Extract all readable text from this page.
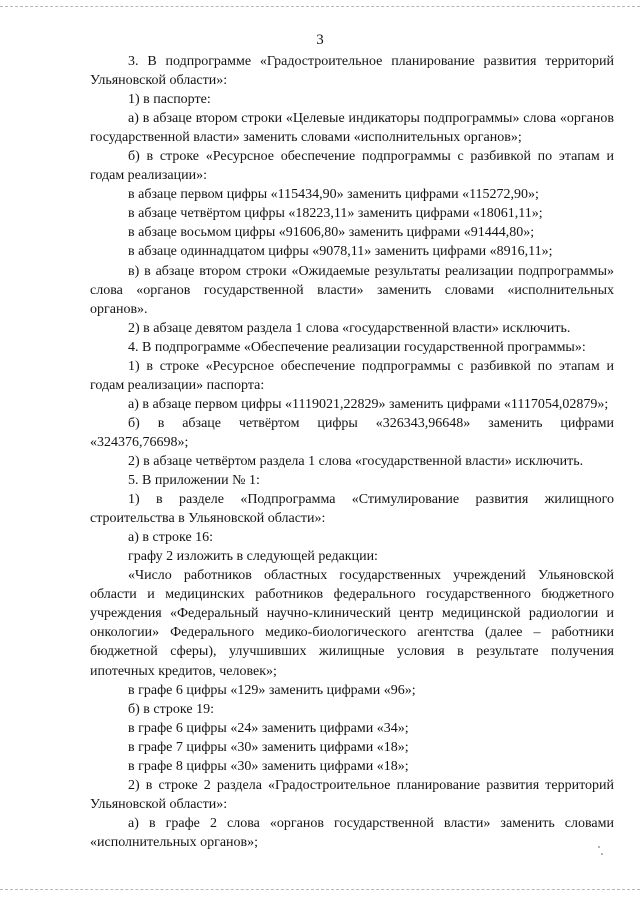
3

3. В подпрограмме «Градостроительное планирование развития территорий Ульяновской области»:

1) в паспорте:

а) в абзаце втором строки «Целевые индикаторы подпрограммы» слова «органов государственной власти» заменить словами «исполнительных органов»;

б) в строке «Ресурсное обеспечение подпрограммы с разбивкой по этапам и годам реализации»:

в абзаце первом цифры «115434,90» заменить цифрами «115272,90»;

в абзаце четвёртом цифры «18223,11» заменить цифрами «18061,11»;

в абзаце восьмом цифры «91606,80» заменить цифрами «91444,80»;

в абзаце одиннадцатом цифры «9078,11» заменить цифрами «8916,11»;

в) в абзаце втором строки «Ожидаемые результаты реализации подпрограммы» слова «органов государственной власти» заменить словами «исполнительных органов».

2) в абзаце девятом раздела 1 слова «государственной власти» исключить.

4. В подпрограмме «Обеспечение реализации государственной программы»:

1) в строке «Ресурсное обеспечение подпрограммы с разбивкой по этапам и годам реализации» паспорта:

а) в абзаце первом цифры «1119021,22829» заменить цифрами «1117054,02879»;

б) в абзаце четвёртом цифры «326343,96648» заменить цифрами «324376,76698»;

2) в абзаце четвёртом раздела 1 слова «государственной власти» исключить.

5. В приложении № 1:

1) в разделе «Подпрограмма «Стимулирование развития жилищного строительства в Ульяновской области»:

а) в строке 16:

графу 2 изложить в следующей редакции:

«Число работников областных государственных учреждений Ульяновской области и медицинских работников федерального государственного бюджетного учреждения «Федеральный научно-клинический центр медицинской радиологии и онкологии» Федерального медико-биологического агентства (далее – работники бюджетной сферы), улучшивших жилищные условия в результате получения ипотечных кредитов, человек»;

в графе 6 цифры «129» заменить цифрами «96»;

б) в строке 19:

в графе 6 цифры «24» заменить цифрами «34»;

в графе 7 цифры «30» заменить цифрами «18»;

в графе 8 цифры «30» заменить цифрами «18»;

2) в строке 2 раздела «Градостроительное планирование развития территорий Ульяновской области»:

а) в графе 2 слова «органов государственной власти» заменить словами «исполнительных органов»;
